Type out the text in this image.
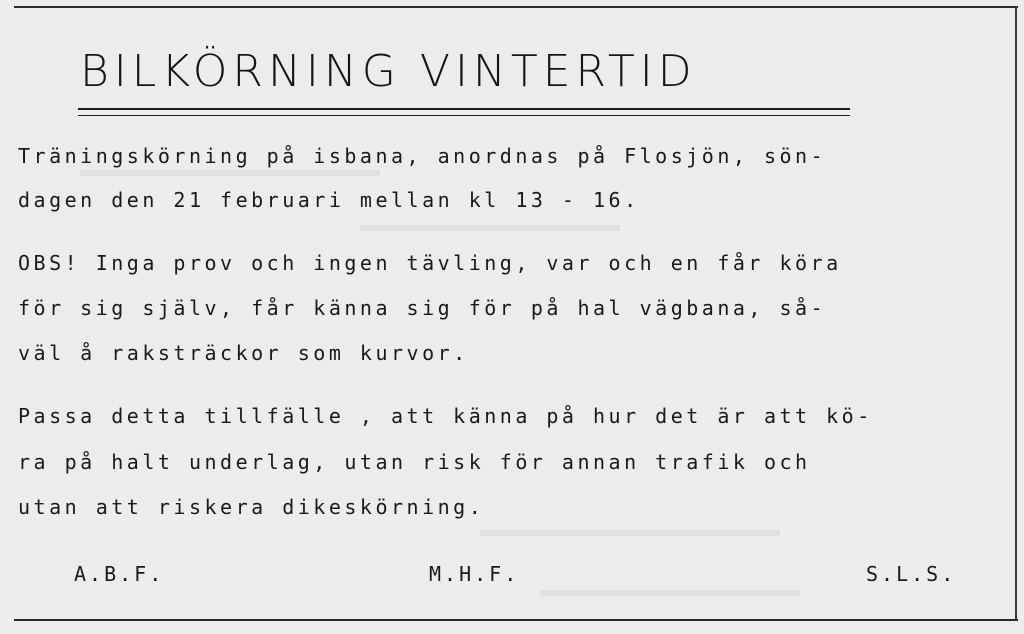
BILKÖRNING VINTERTID
Träningskörning på isbana, anordnas på Flosjön, sön-
dagen den 21 februari mellan kl 13 - 16.
OBS! Inga prov och ingen tävling, var och en får köra
för sig själv, får känna sig för på hal vägbana, så-
väl å raksträckor som kurvor.
Passa detta tillfälle , att känna på hur det är att kö-
ra på halt underlag, utan risk för annan trafik och
utan att riskera dikeskörning.
A.B.F.	M.H.F.	S.L.S.
